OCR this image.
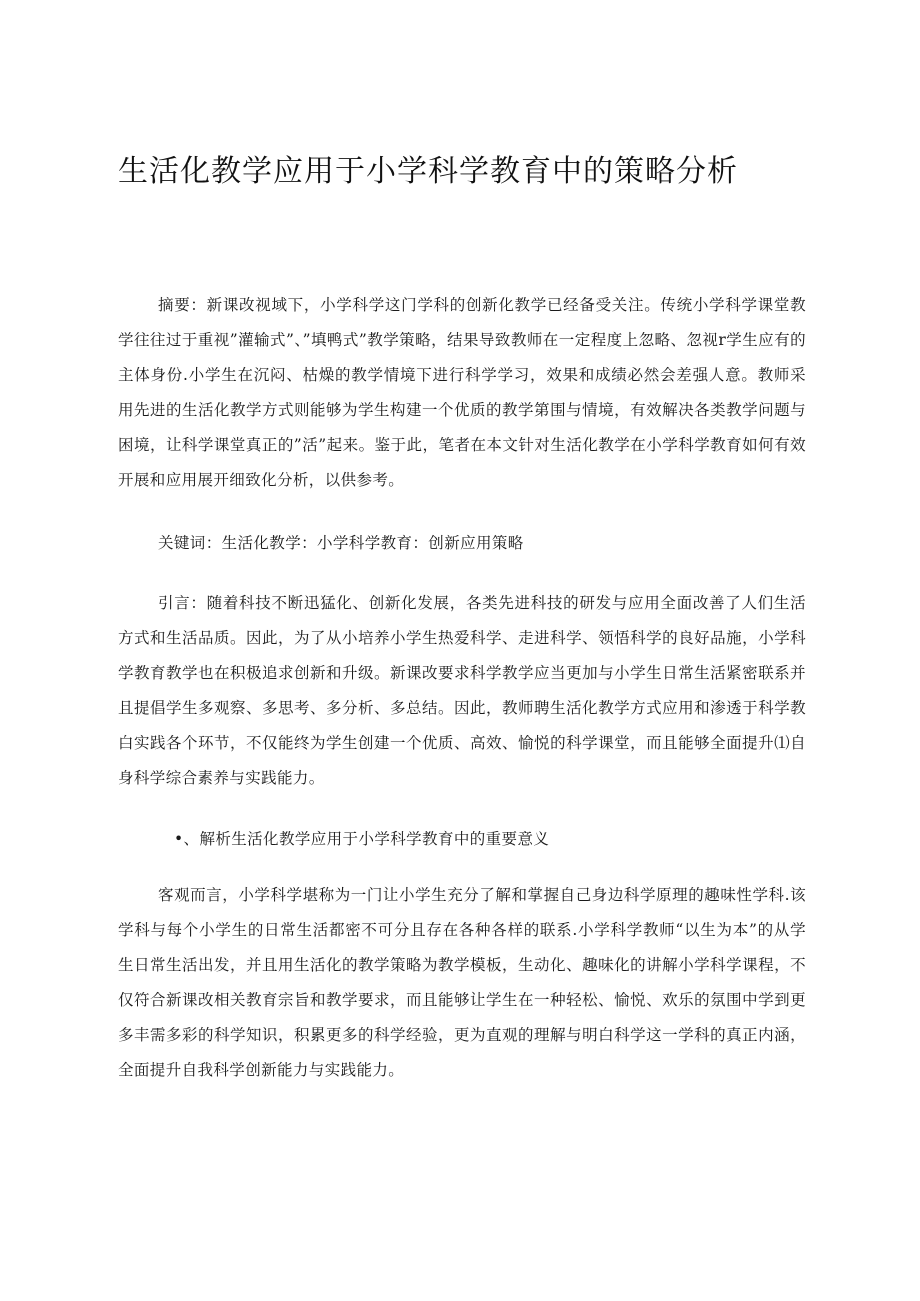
生活化教学应用于小学科学教育中的策略分析

摘要：新课改视域下，小学科学这门学科的创新化教学已经备受关注。传统小学科学课堂教学往往过于重视”灌输式”、”填鸭式”教学策略，结果导致教师在一定程度上忽略、忽视r学生应有的主体身份.小学生在沉闷、枯燥的教学情境下进行科学学习，效果和成绩必然会差强人意。教师采用先进的生活化教学方式则能够为学生构建一个优质的教学第围与情境，有效解决各类教学问题与困境，让科学课堂真正的”活”起来。鉴于此，笔者在本文针对生活化教学在小学科学教育如何有效开展和应用展开细致化分析，以供参考。

关键词：生活化教学：小学科学教育：创新应用策略

引言：随着科技不断迅猛化、创新化发展，各类先进科技的研发与应用全面改善了人们生活方式和生活品质。因此，为了从小培养小学生热爱科学、走进科学、领悟科学的良好品施，小学科学教育教学也在积极追求创新和升级。新课改要求科学教学应当更加与小学生日常生活紧密联系并且提倡学生多观察、多思考、多分析、多总结。因此，教师聘生活化教学方式应用和渗透于科学教白实践各个环节，不仅能终为学生创建一个优质、高效、愉悦的科学课堂，而且能够全面提升⑴自身科学综合素养与实践能力。

•、解析生活化教学应用于小学科学教育中的重要意义

客观而言，小学科学堪称为一门让小学生充分了解和掌握自己身边科学原理的趣味性学科.该学科与每个小学生的日常生活都密不可分且存在各种各样的联系.小学科学教师“以生为本”的从学生日常生活出发，并且用生活化的教学策略为教学模板，生动化、趣味化的讲解小学科学课程，不仅符合新课改相关教育宗旨和教学要求，而且能够让学生在一种轻松、愉悦、欢乐的氛围中学到更多丰需多彩的科学知识，积累更多的科学经验，更为直观的理解与明白科学这一学科的真正内涵，全面提升自我科学创新能力与实践能力。
